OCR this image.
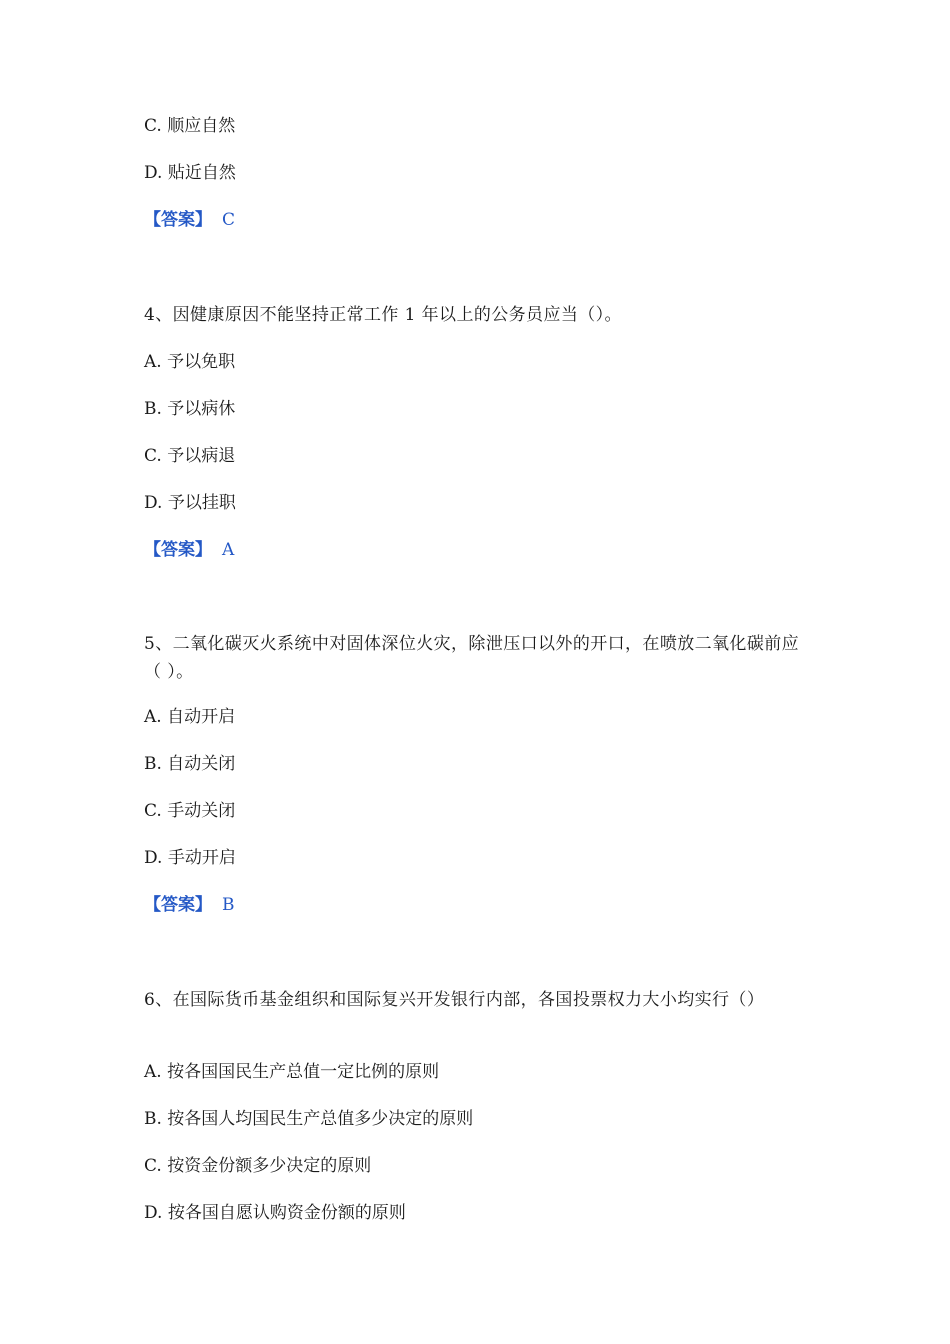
C. 顺应自然
D. 贴近自然
【答案】 C
4、因健康原因不能坚持正常工作 1 年以上的公务员应当（）。
A. 予以免职
B. 予以病休
C. 予以病退
D. 予以挂职
【答案】 A
5、二氧化碳灭火系统中对固体深位火灾，除泄压口以外的开口，在喷放二氧化碳前应（ ）。
A. 自动开启
B. 自动关闭
C. 手动关闭
D. 手动开启
【答案】 B
6、在国际货币基金组织和国际复兴开发银行内部，各国投票权力大小均实行（）
A. 按各国国民生产总值一定比例的原则
B. 按各国人均国民生产总值多少决定的原则
C. 按资金份额多少决定的原则
D. 按各国自愿认购资金份额的原则
